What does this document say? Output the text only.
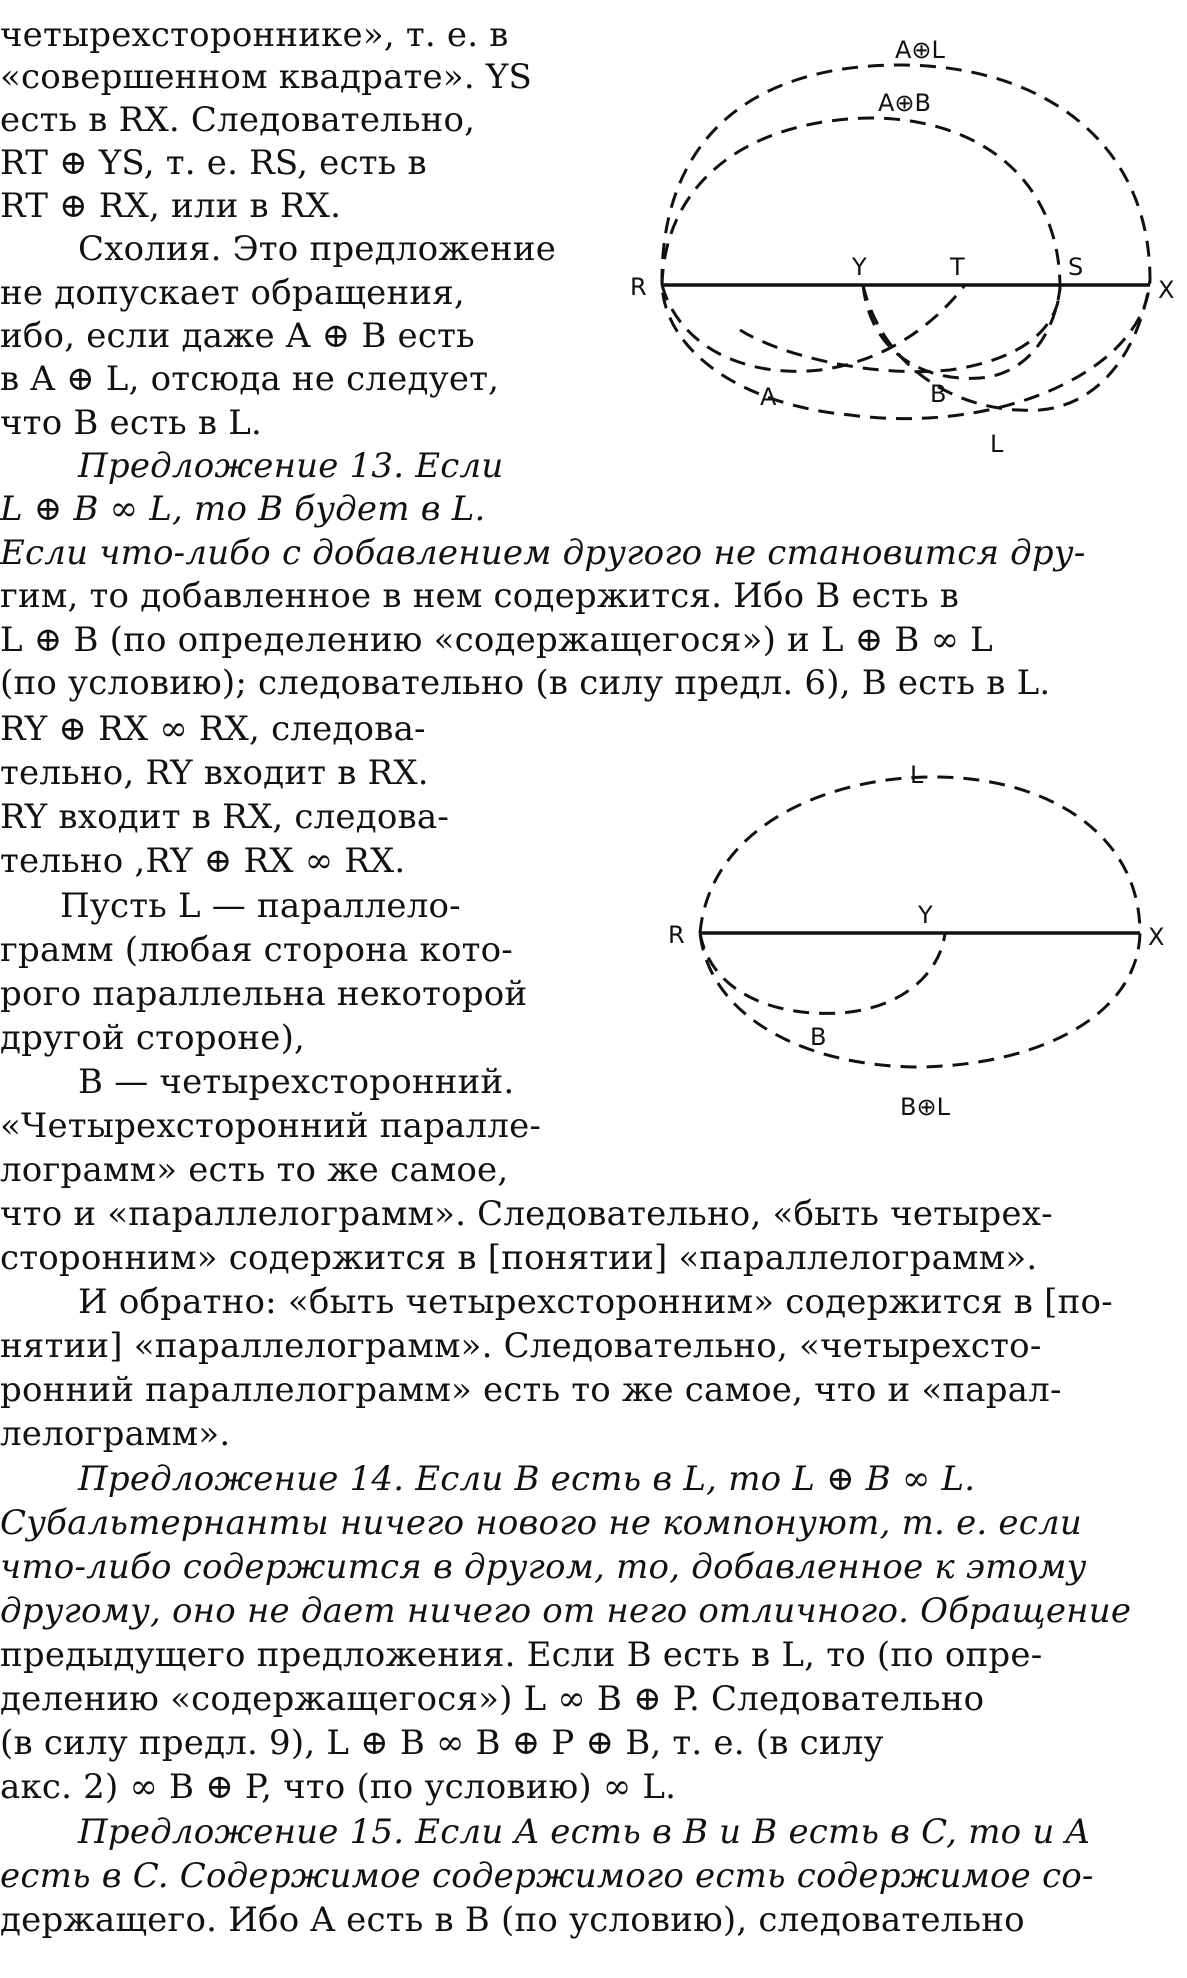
четырехстороннике», т. е. в

«совершенном квадрате». YS

есть в RX. Следовательно,

RT ⊕ YS, т. е. RS, есть в

RT ⊕ RX, или в RX.

Схолия. Это предложение

не допускает обращения,

ибо, если даже A ⊕ B есть

в A ⊕ L, отсюда не следует,

что B есть в L.

Предложение 13. Если

L ⊕ B ∞ L, то B будет в L.

Если что-либо с добавлением другого не становится дру-

гим, то добавленное в нем содержится. Ибо B есть в

L ⊕ B (по определению «содержащегося») и L ⊕ B ∞ L

(по условию); следовательно (в силу предл. 6), B есть в L.

RY ⊕ RX ∞ RX, следова-

тельно, RY входит в RX.

RY входит в RX, следова-

тельно ,RY ⊕ RX ∞ RX.

Пусть L — параллело-

грамм (любая сторона кото-

рого параллельна некоторой

другой стороне),

B — четырехсторонний.

«Четырехсторонний паралле-

лограмм» есть то же самое,

что и «параллелограмм». Следовательно, «быть четырех-

сторонним» содержится в [понятии] «параллелограмм».

И обратно: «быть четырехсторонним» содержится в [по-

нятии] «параллелограмм». Следовательно, «четырехсто-

ронний параллелограмм» есть то же самое, что и «парал-

лелограмм».

Предложение 14. Если B есть в L, то L ⊕ B ∞ L.

Субальтернанты ничего нового не компонуют, т. е. если

что-либо содержится в другом, то, добавленное к этому

другому, оно не дает ничего от него отличного. Обращение

предыдущего предложения. Если B есть в L, то (по опре-

делению «содержащегося») L ∞ B ⊕ P. Следовательно

(в силу предл. 9), L ⊕ B ∞ B ⊕ P ⊕ B, т. е. (в силу

акс. 2) ∞ B ⊕ P, что (по условию) ∞ L.

Предложение 15. Если A есть в B и B есть в C, то и A

есть в C. Содержимое содержимого есть содержимое со-

держащего. Ибо A есть в B (по условию), следовательно

A⊕L
A⊕B
R
Y	T	S
X
A	B
L
L
R
Y
X
B
B⊕L
